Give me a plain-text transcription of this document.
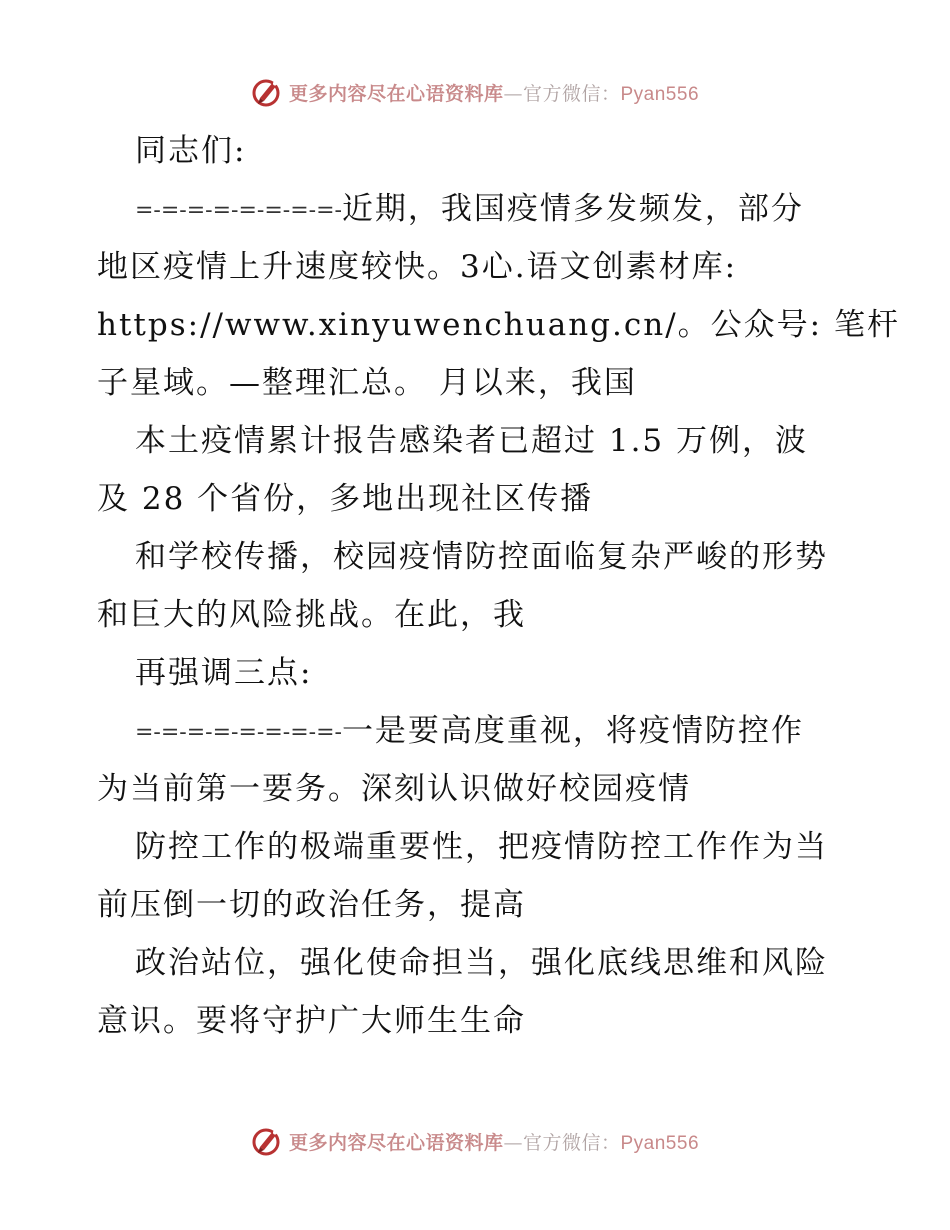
更多内容尽在心语资料库—官方微信：Pyan556
同志们:
=-=-=-=-=-=-=-=-近期，我国疫情多发频发，部分
地区疫情上升速度较快。3心.语文创素材库:
https://www.xinyuwenchuang.cn/。公众号: 笔杆
子星域。—整理汇总。 月以来，我国
本土疫情累计报告感染者已超过 1.5 万例，波
及 28 个省份，多地出现社区传播
和学校传播，校园疫情防控面临复杂严峻的形势
和巨大的风险挑战。在此，我
再强调三点:
=-=-=-=-=-=-=-=-一是要高度重视，将疫情防控作
为当前第一要务。深刻认识做好校园疫情
防控工作的极端重要性，把疫情防控工作作为当
前压倒一切的政治任务，提高
政治站位，强化使命担当，强化底线思维和风险
意识。要将守护广大师生生命
更多内容尽在心语资料库—官方微信：Pyan556
